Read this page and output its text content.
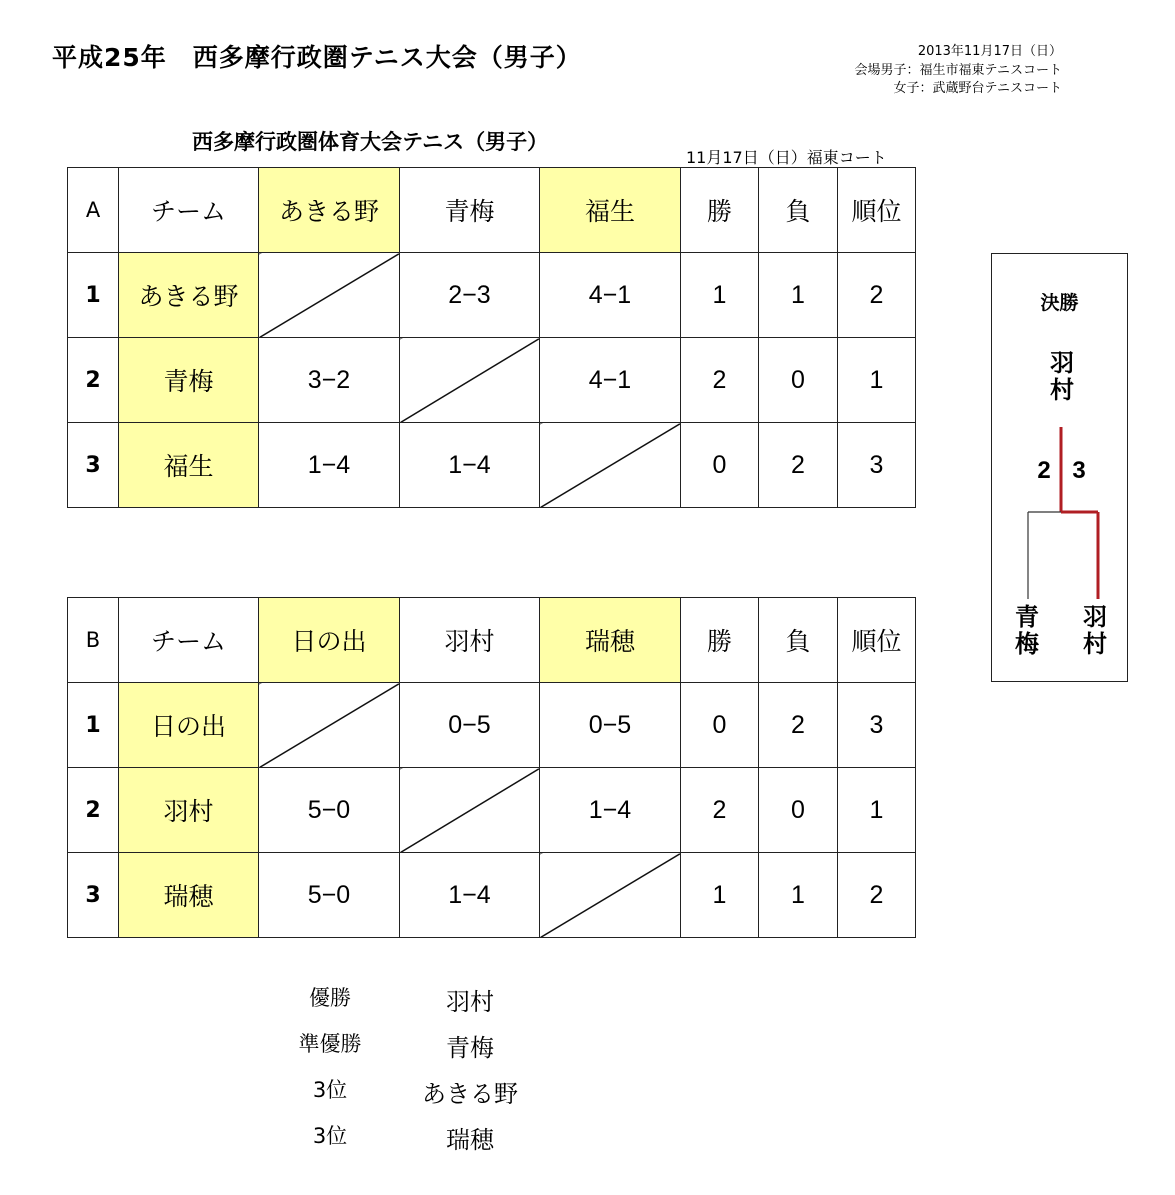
平成25年　西多摩行政圏テニス大会（男子）	2013年11月17日（日）
会場男子：福生市福東テニスコート
女子：武蔵野台テニスコート
西多摩行政圏体育大会テニス（男子）
11月17日（日）福東コート
A	チーム	あきる野	青梅	福生	勝	負	順位
1	あきる野		2−3	4−1	1	1	2
2	青梅	3−2		4−1	2	0	1
3	福生	1−4	1−4		0	2	3
B	チーム	日の出	羽村	瑞穂	勝	負	順位
1	日の出		0−5	0−5	0	2	3
2	羽村	5−0		1−4	2	0	1
3	瑞穂	5−0	1−4		1	1	2
決勝
羽村
2 3
青梅
羽村
優勝	羽村
準優勝	青梅
3位	あきる野
3位	瑞穂
